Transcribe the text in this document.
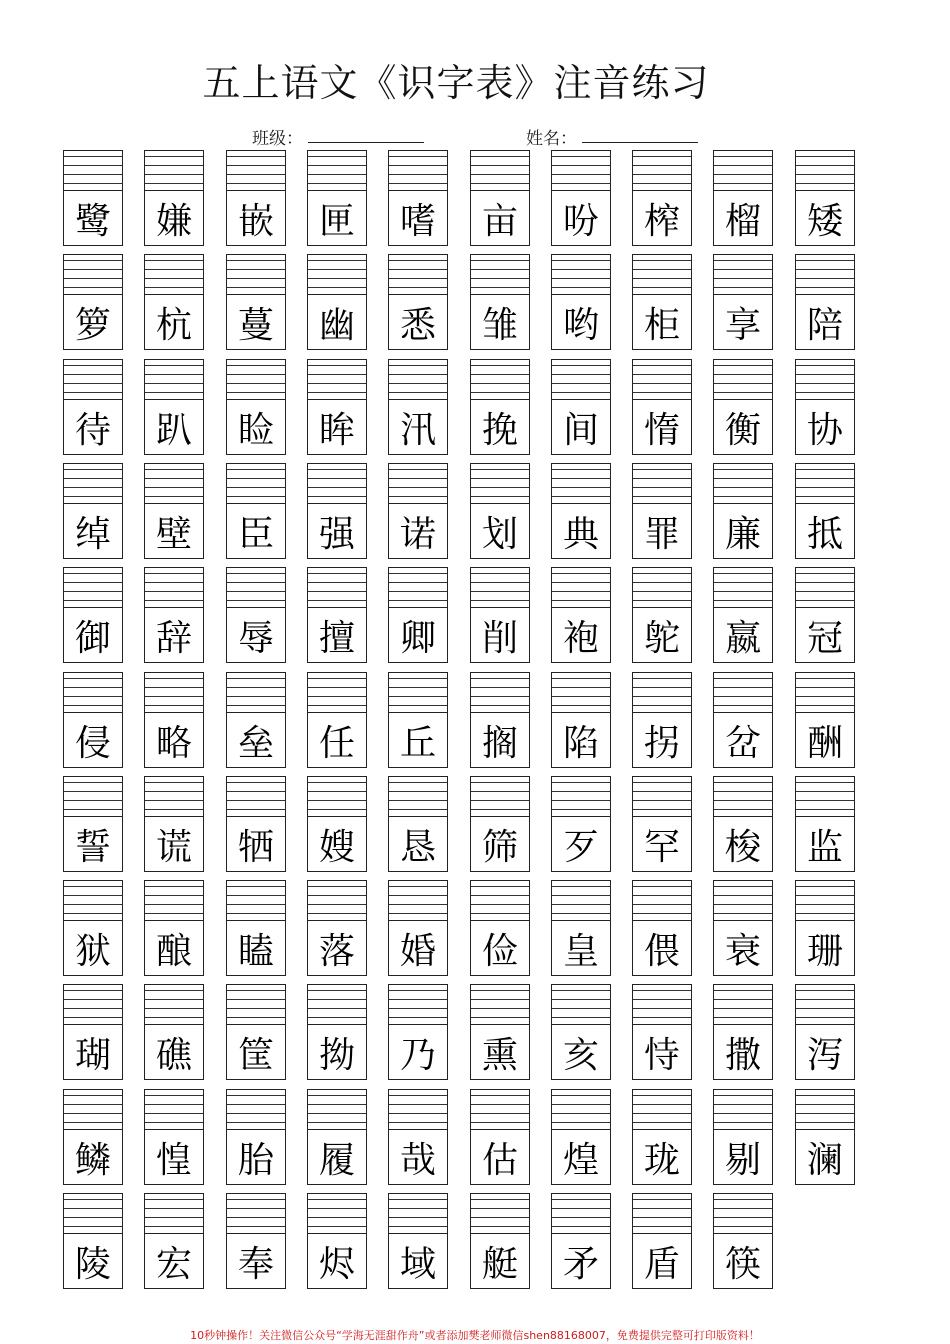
五上语文《识字表》注音练习
班级：	姓名：
鹭	嫌	嵌	匣	嗜	亩	吩	榨	榴	矮
箩	杭	蔓	幽	悉	雏	哟	柜	享	陪
待	趴	睑	眸	汛	挽	间	惰	衡	协
绰	壁	臣	强	诺	划	典	罪	廉	抵
御	辞	辱	擅	卿	削	袍	鸵	嬴	冠
侵	略	垒	任	丘	搁	陷	拐	岔	酬
誓	谎	牺	嫂	恳	筛	歹	罕	梭	监
狱	酿	瞌	落	婚	俭	皇	偎	衰	珊
瑚	礁	筐	拗	乃	熏	亥	恃	撒	泻
鳞	惶	胎	履	哉	估	煌	珑	剔	澜
陵	宏	奉	烬	域	艇	矛	盾	筷
10秒钟操作！关注微信公众号“学海无涯甜作舟”或者添加樊老师微信shen88168007，免费提供完整可打印版资料！
